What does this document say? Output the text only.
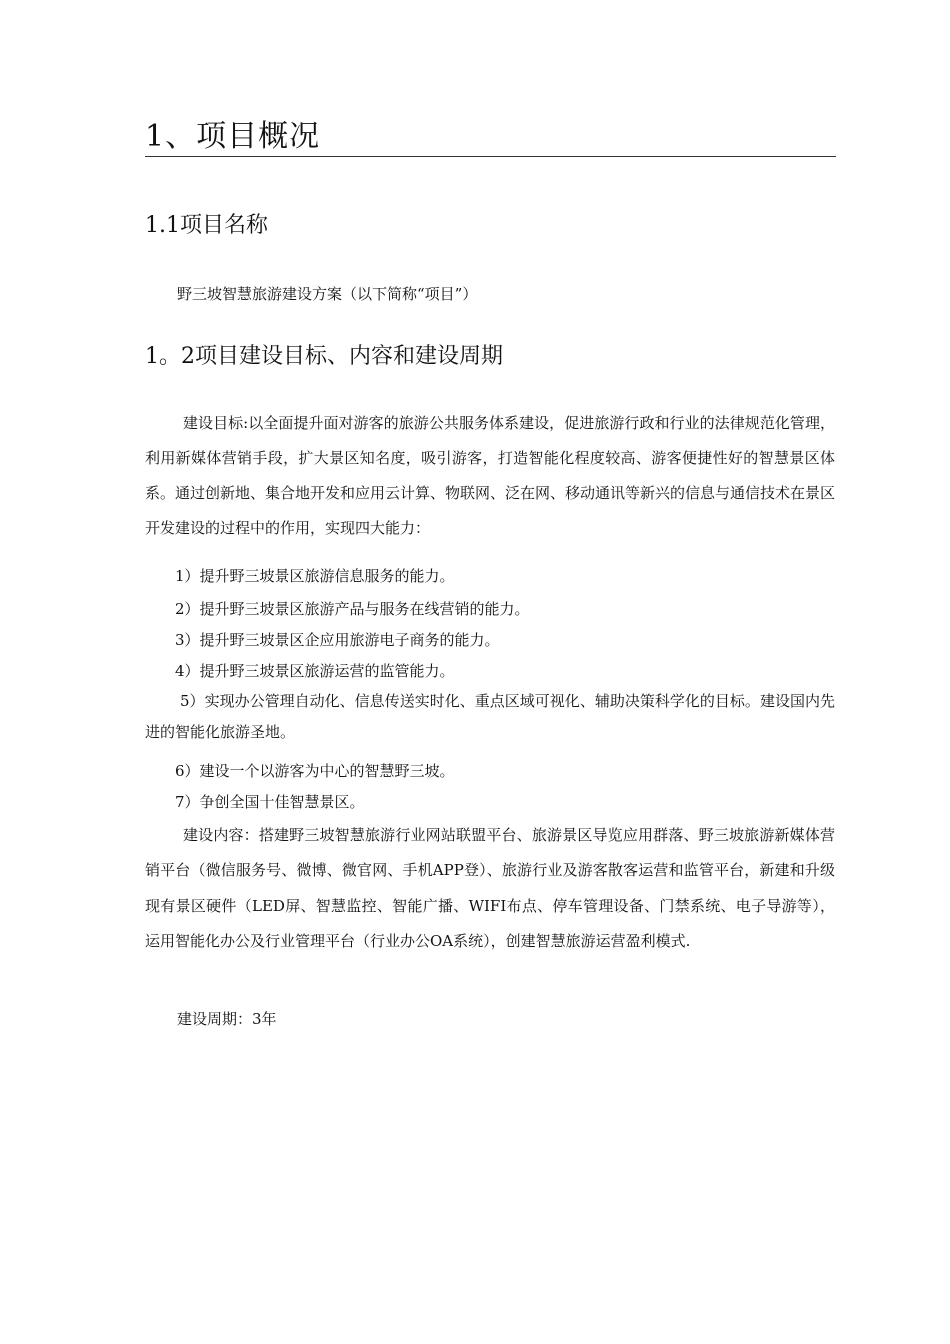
1、项目概况
1.1项目名称
野三坡智慧旅游建设方案（以下简称“项目”）
1。2项目建设目标、内容和建设周期

建设目标:以全面提升面对游客的旅游公共服务体系建设，促进旅游行政和行业的法律规范化管理，利用新媒体营销手段，扩大景区知名度，吸引游客，打造智能化程度较高、游客便捷性好的智慧景区体系。通过创新地、集合地开发和应用云计算、物联网、泛在网、移动通讯等新兴的信息与通信技术在景区开发建设的过程中的作用，实现四大能力：

1）提升野三坡景区旅游信息服务的能力。
2）提升野三坡景区旅游产品与服务在线营销的能力。
3）提升野三坡景区企应用旅游电子商务的能力。
4）提升野三坡景区旅游运营的监管能力。

5）实现办公管理自动化、信息传送实时化、重点区域可视化、辅助决策科学化的目标。建设国内先进的智能化旅游圣地。

6）建设一个以游客为中心的智慧野三坡。
7）争创全国十佳智慧景区。

建设内容：搭建野三坡智慧旅游行业网站联盟平台、旅游景区导览应用群落、野三坡旅游新媒体营销平台（微信服务号、微博、微官网、手机APP登）、旅游行业及游客散客运营和监管平台，新建和升级现有景区硬件（LED屏、智慧监控、智能广播、WIFI布点、停车管理设备、门禁系统、电子导游等），运用智能化办公及行业管理平台（行业办公OA系统），创建智慧旅游运营盈利模式.

建设周期：3年
